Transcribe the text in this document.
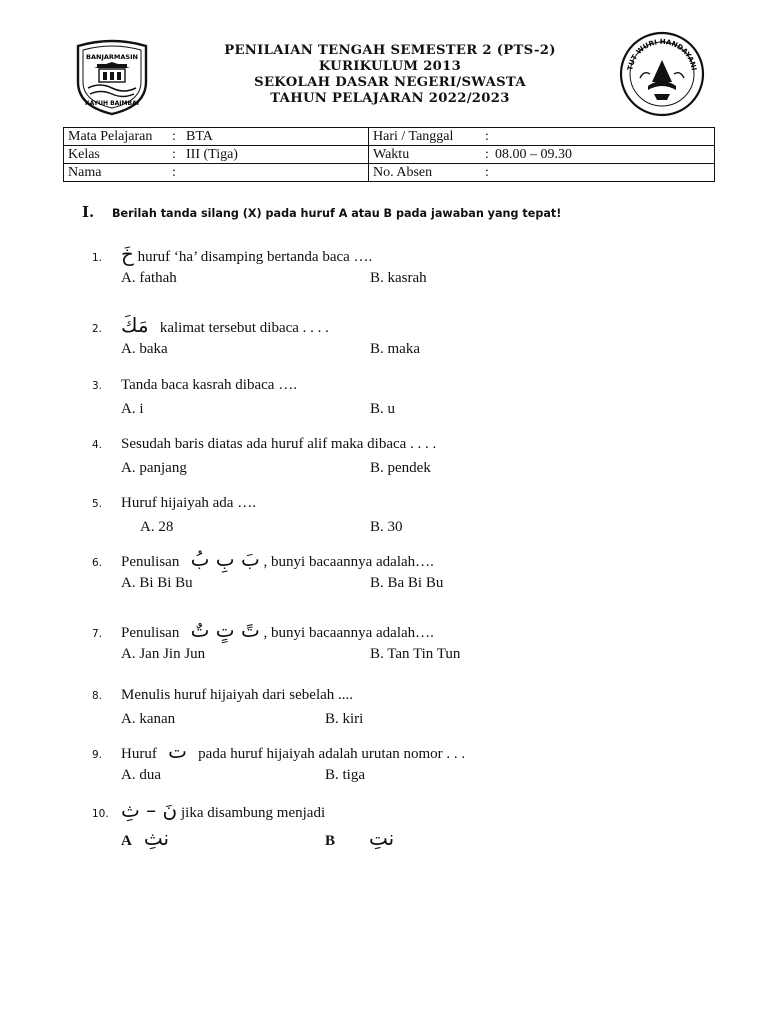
BANJARMASIN
KAYUH BAIMBAI
PENILAIAN TENGAH SEMESTER 2 (PTS-2)
KURIKULUM 2013
SEKOLAH DASAR NEGERI/SWASTA
TAHUN PELAJARAN 2022/2023
TUT WURI HANDAYANI
Mata Pelajaran : BTA	Hari / Tanggal :
Kelas : III (Tiga)	Waktu : 08.00 – 09.30
Nama :	No. Absen :
I. Berilah tanda silang (X) pada huruf A atau B pada jawaban yang tepat!
1. خَ huruf ‘ha’ disamping bertanda baca ….
A. fathah	B. kasrah
2. مَكَ kalimat tersebut dibaca . . . .
A. baka	B. maka
3. Tanda baca kasrah dibaca ….
A. i	B. u
4. Sesudah baris diatas ada huruf alif maka dibaca . . . .
A. panjang	B. pendek
5. Huruf hijaiyah ada ….
A. 28	B. 30
6. Penulisan بَ بِ بُ , bunyi bacaannya adalah….
A. Bi Bi Bu	B. Ba Bi Bu
7. Penulisan تً تٍ تٌ , bunyi bacaannya adalah….
A. Jan Jin Jun	B. Tan Tin Tun
8. Menulis huruf hijaiyah dari sebelah ....
A. kanan	B. kiri
9. Huruf ت pada huruf hijaiyah adalah urutan nomor . . .
A. dua	B. tiga
10. نَ – ثِ jika disambung menjadi
A نثِ	B نتِ
